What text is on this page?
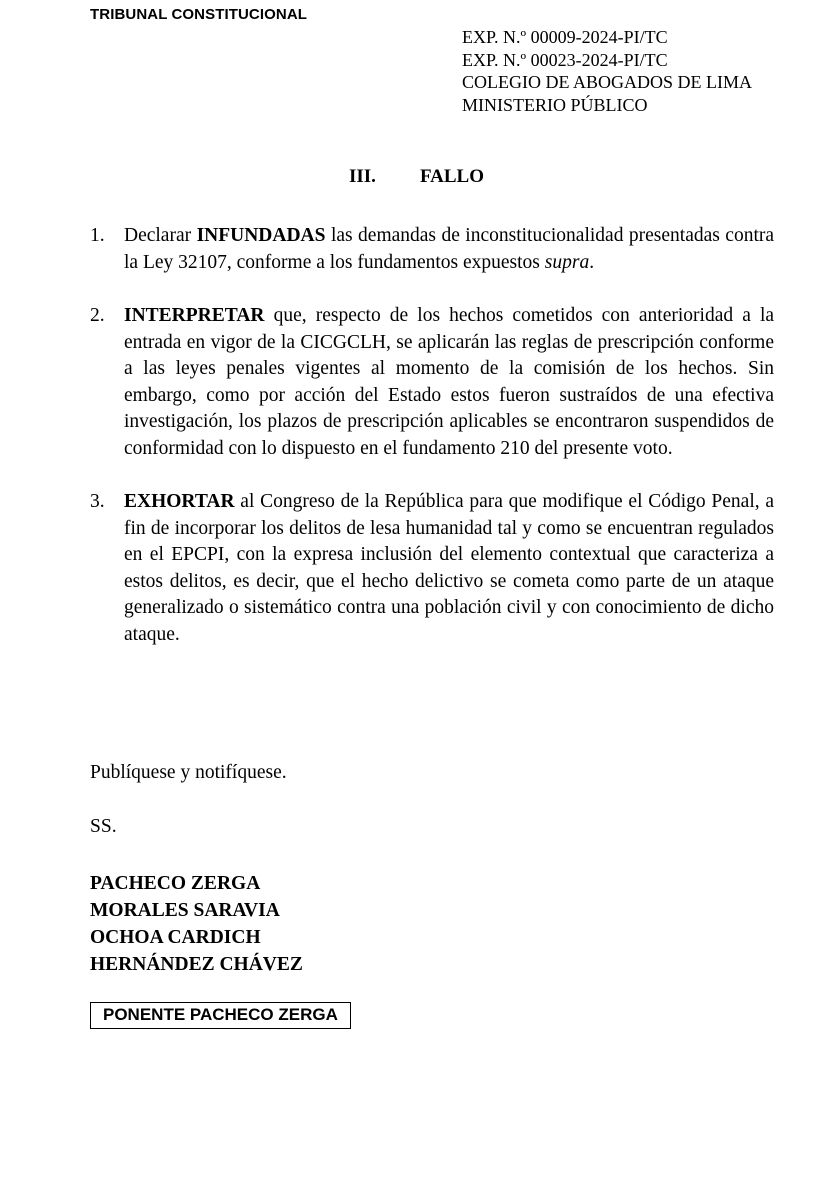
TRIBUNAL CONSTITUCIONAL
EXP. N.º 00009-2024-PI/TC
EXP. N.º 00023-2024-PI/TC
COLEGIO DE ABOGADOS DE LIMA
MINISTERIO PÚBLICO
III. FALLO
1. Declarar INFUNDADAS las demandas de inconstitucionalidad presentadas contra la Ley 32107, conforme a los fundamentos expuestos supra.
2. INTERPRETAR que, respecto de los hechos cometidos con anterioridad a la entrada en vigor de la CICGCLH, se aplicarán las reglas de prescripción conforme a las leyes penales vigentes al momento de la comisión de los hechos. Sin embargo, como por acción del Estado estos fueron sustraídos de una efectiva investigación, los plazos de prescripción aplicables se encontraron suspendidos de conformidad con lo dispuesto en el fundamento 210 del presente voto.
3. EXHORTAR al Congreso de la República para que modifique el Código Penal, a fin de incorporar los delitos de lesa humanidad tal y como se encuentran regulados en el EPCPI, con la expresa inclusión del elemento contextual que caracteriza a estos delitos, es decir, que el hecho delictivo se cometa como parte de un ataque generalizado o sistemático contra una población civil y con conocimiento de dicho ataque.
Publíquese y notifíquese.
SS.
PACHECO ZERGA
MORALES SARAVIA
OCHOA CARDICH
HERNÁNDEZ CHÁVEZ
PONENTE PACHECO ZERGA
